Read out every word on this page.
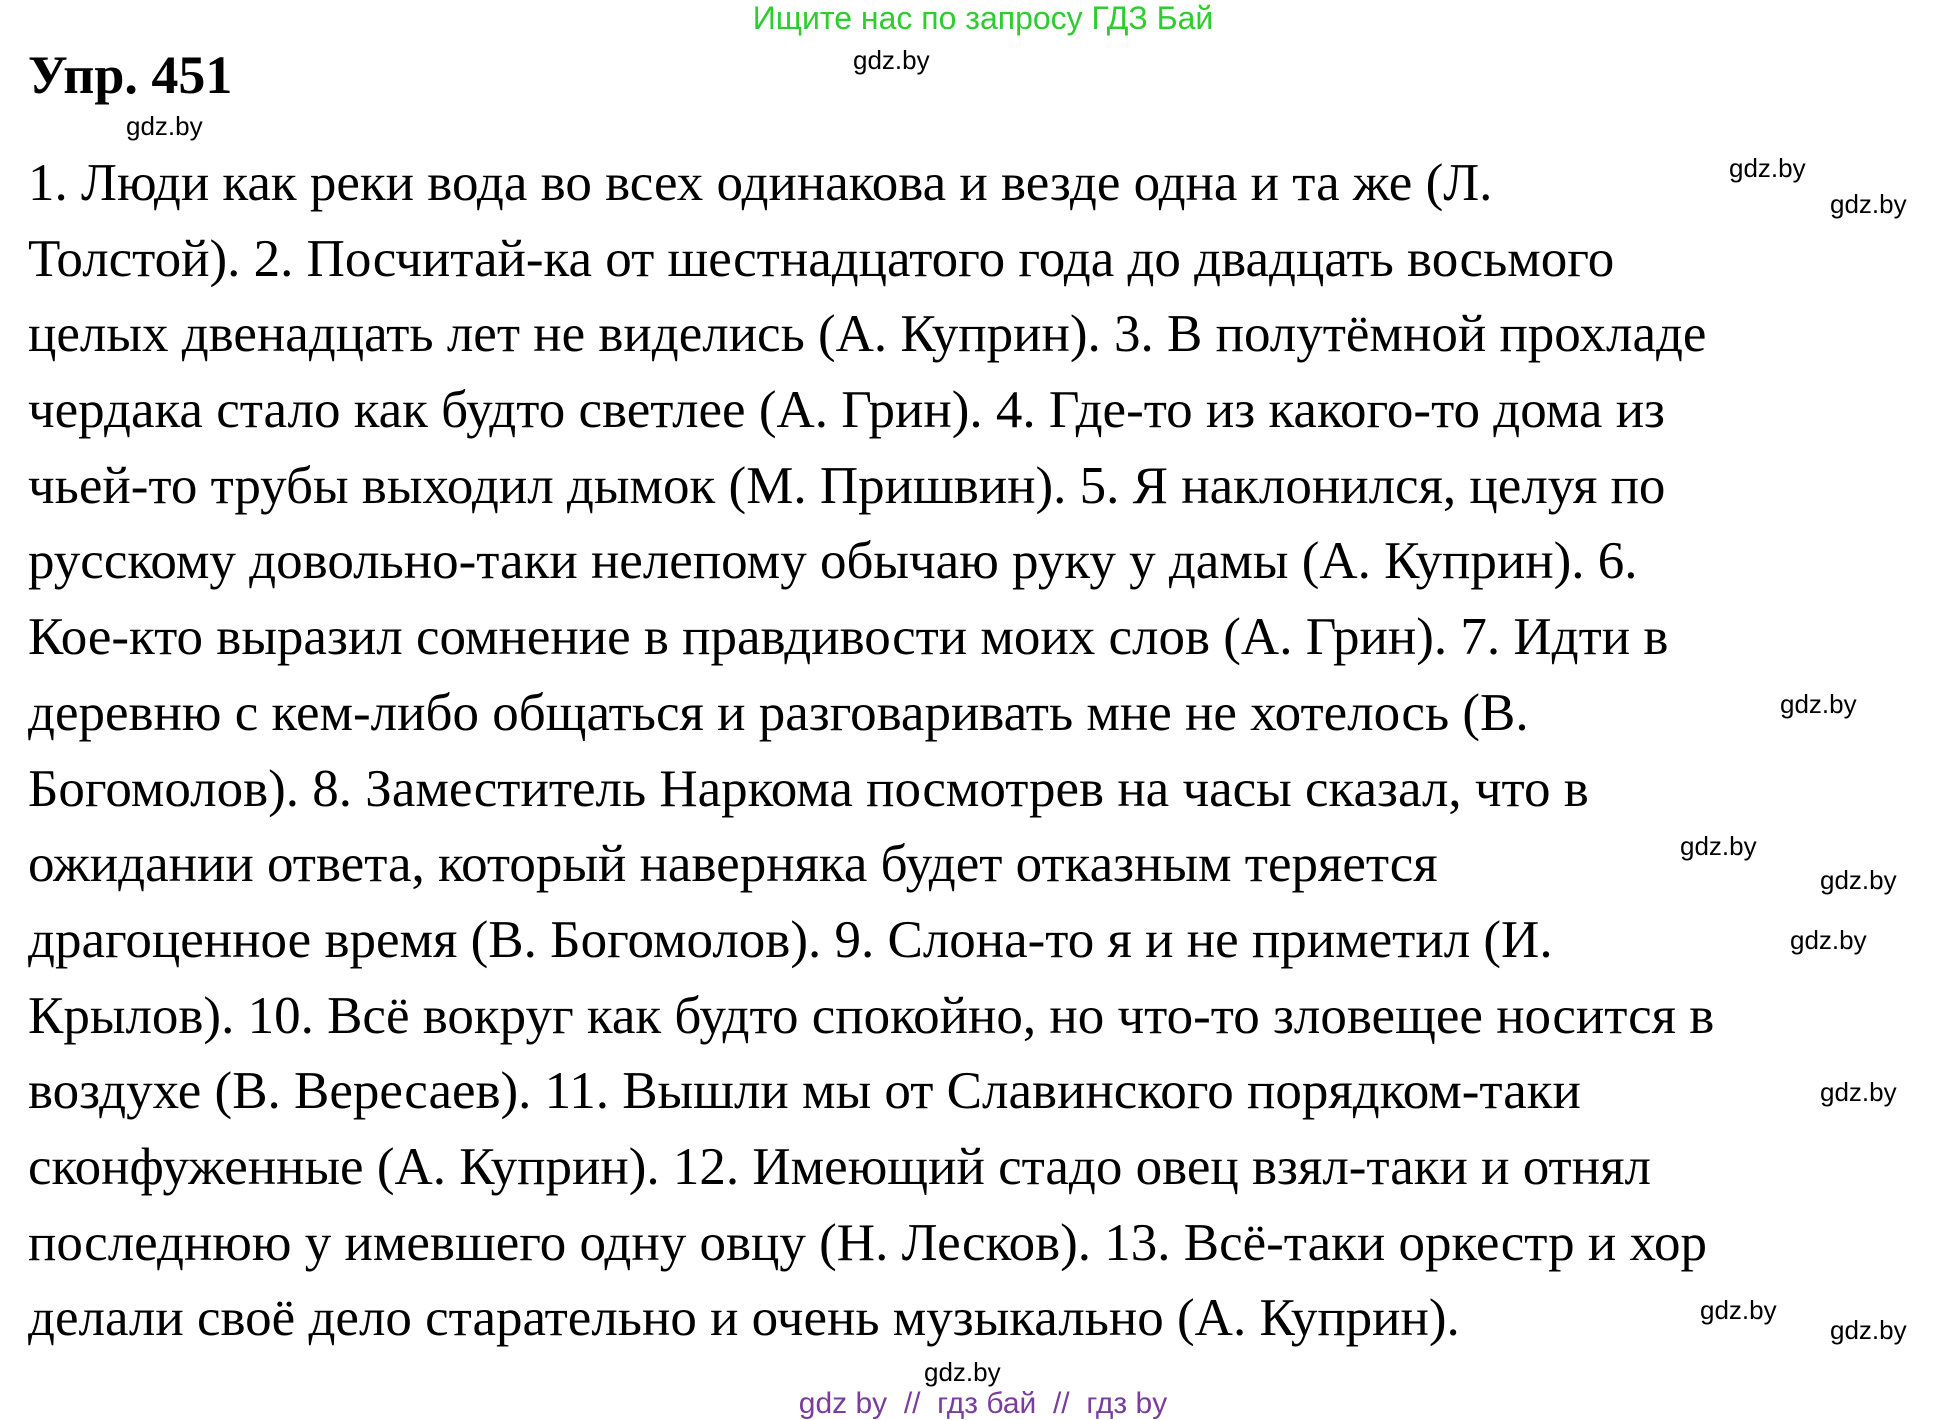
Ищите нас по запросу ГДЗ Бай
Упр. 451
1. Люди как реки вода во всех одинакова и везде одна и та же (Л.
Толстой). 2. Посчитай-ка от шестнадцатого года до двадцать восьмого
целых двенадцать лет не виделись (А. Куприн). 3. В полутёмной прохладе
чердака стало как будто светлее (А. Грин). 4. Где-то из какого-то дома из
чьей-то трубы выходил дымок (М. Пришвин). 5. Я наклонился, целуя по
русскому довольно-таки нелепому обычаю руку у дамы (А. Куприн). 6.
Кое-кто выразил сомнение в правдивости моих слов (А. Грин). 7. Идти в
деревню с кем-либо общаться и разговаривать мне не хотелось (В.
Богомолов). 8. Заместитель Наркома посмотрев на часы сказал, что в
ожидании ответа, который наверняка будет отказным теряется
драгоценное время (В. Богомолов). 9. Слона-то я и не приметил (И.
Крылов). 10. Всё вокруг как будто спокойно, но что-то зловещее носится в
воздухе (В. Вересаев). 11. Вышли мы от Славинского порядком-таки
сконфуженные (А. Куприн). 12. Имеющий стадо овец взял-таки и отнял
последнюю у имевшего одну овцу (Н. Лесков). 13. Всё-таки оркестр и хор
делали своё дело старательно и очень музыкально (А. Куприн).
gdz.by
gdz.by
gdz.by
gdz.by
gdz.by
gdz.by
gdz.by
gdz.by
gdz.by
gdz.by
gdz.by
gdz.by
gdz by  //  гдз бай  //  гдз by
